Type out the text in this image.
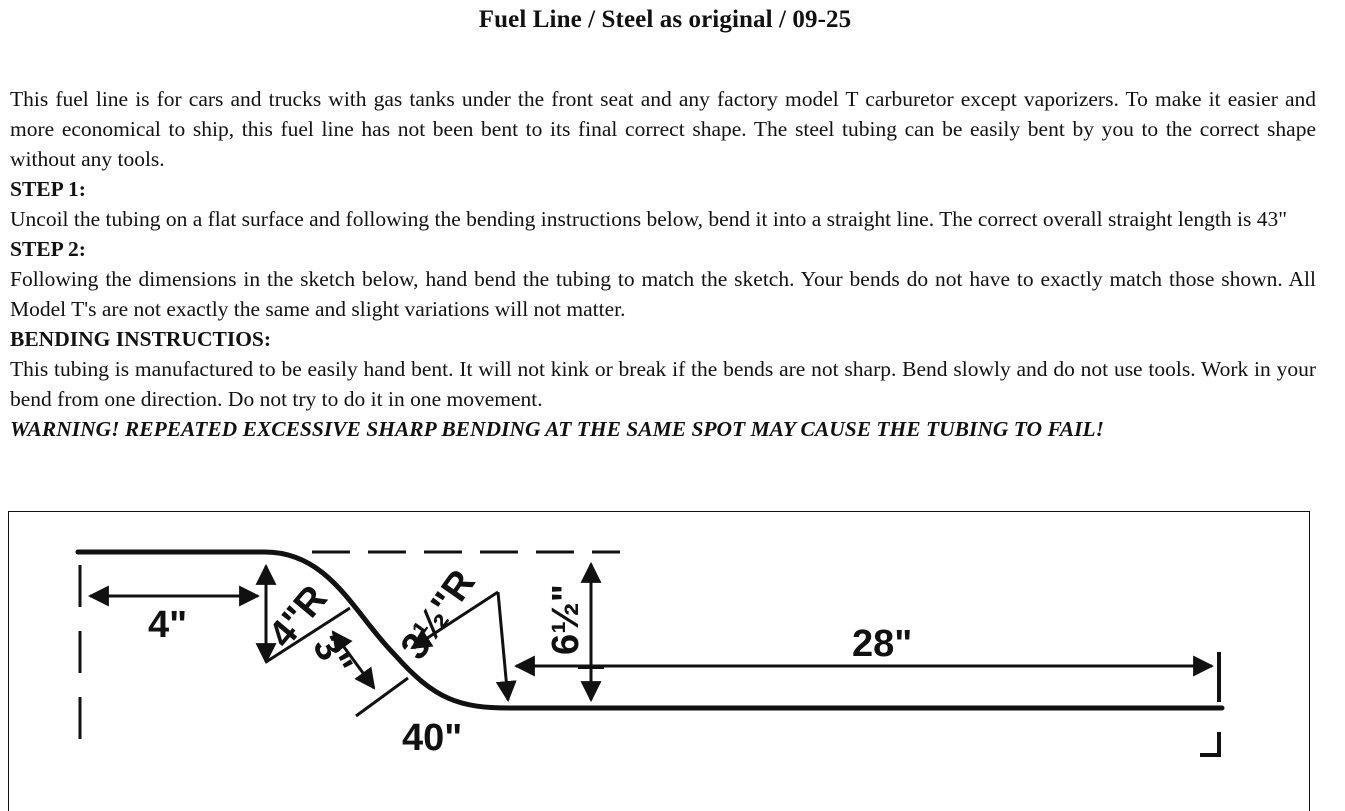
Fuel Line / Steel as original / 09-25

This fuel line is for cars and trucks with gas tanks under the front seat and any factory model T carburetor except vaporizers. To make it easier and more economical to ship, this fuel line has not been bent to its final correct shape. The steel tubing can be easily bent by you to the correct shape without any tools.

STEP 1:

Uncoil the tubing on a flat surface and following the bending instructions below, bend it into a straight line. The correct overall straight length is 43"

STEP 2:

Following the dimensions in the sketch below, hand bend the tubing to match the sketch. Your bends do not have to exactly match those shown. All Model T's are not exactly the same and slight variations will not matter.

BENDING INSTRUCTIOS:

This tubing is manufactured to be easily hand bent. It will not kink or break if the bends are not sharp. Bend slowly and do not use tools. Work in your bend from one direction. Do not try to do it in one movement.

WARNING! REPEATED EXCESSIVE SHARP BENDING AT THE SAME SPOT MAY CAUSE THE TUBING TO FAIL!

4" 4"R
3" 3½"R 6½"	28"
40"
